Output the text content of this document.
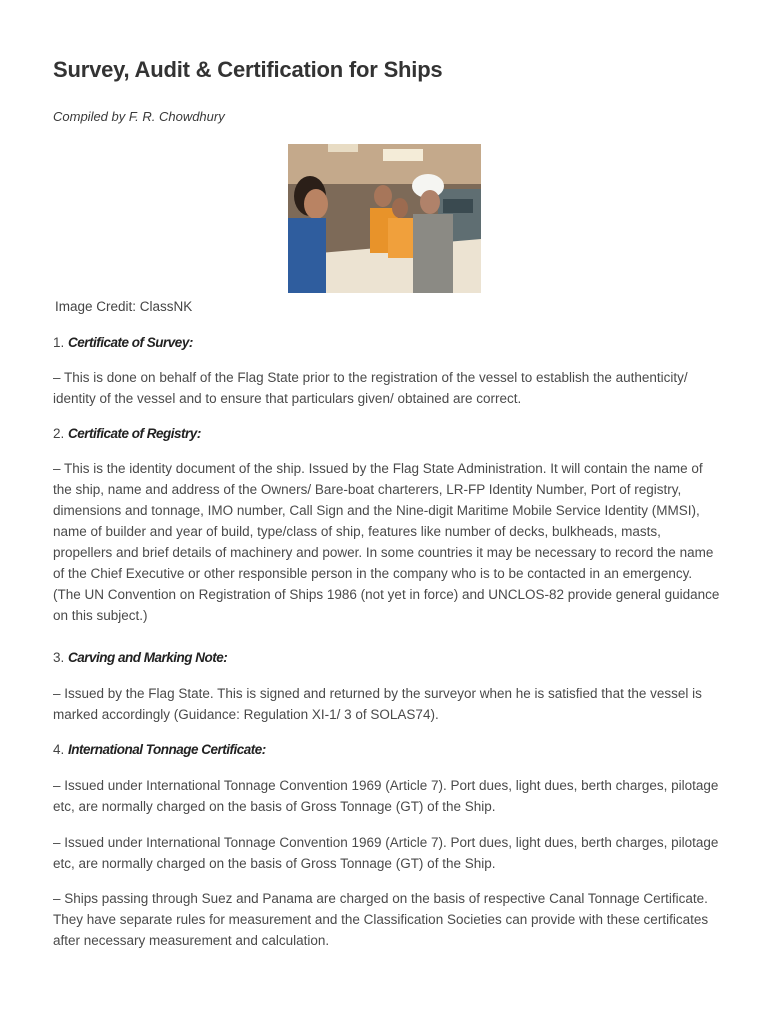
Survey, Audit & Certification for Ships
Compiled by F. R. Chowdhury
Image Credit: ClassNK
1. Certificate of Survey:

– This is done on behalf of the Flag State prior to the registration of the vessel to establish the authenticity/ identity of the vessel and to ensure that particulars given/ obtained are correct.

2. Certificate of Registry:

– This is the identity document of the ship. Issued by the Flag State Administration. It will contain the name of the ship, name and address of the Owners/ Bare-boat charterers, LR-FP Identity Number, Port of registry, dimensions and tonnage, IMO number, Call Sign and the Nine-digit Maritime Mobile Service Identity (MMSI), name of builder and year of build, type/class of ship, features like number of decks, bulkheads, masts, propellers and brief details of machinery and power. In some countries it may be necessary to record the name of the Chief Executive or other responsible person in the company who is to be contacted in an emergency. (The UN Convention on Registration of Ships 1986 (not yet in force) and UNCLOS-82 provide general guidance on this subject.)

3. Carving and Marking Note:

– Issued by the Flag State. This is signed and returned by the surveyor when he is satisfied that the vessel is marked accordingly (Guidance: Regulation XI-1/ 3 of SOLAS74).

4. International Tonnage Certificate:

– Issued under International Tonnage Convention 1969 (Article 7). Port dues, light dues, berth charges, pilotage etc, are normally charged on the basis of Gross Tonnage (GT) of the Ship.

– Issued under International Tonnage Convention 1969 (Article 7). Port dues, light dues, berth charges, pilotage etc, are normally charged on the basis of Gross Tonnage (GT) of the Ship.

– Ships passing through Suez and Panama are charged on the basis of respective Canal Tonnage Certificate. They have separate rules for measurement and the Classification Societies can provide with these certificates after necessary measurement and calculation.
